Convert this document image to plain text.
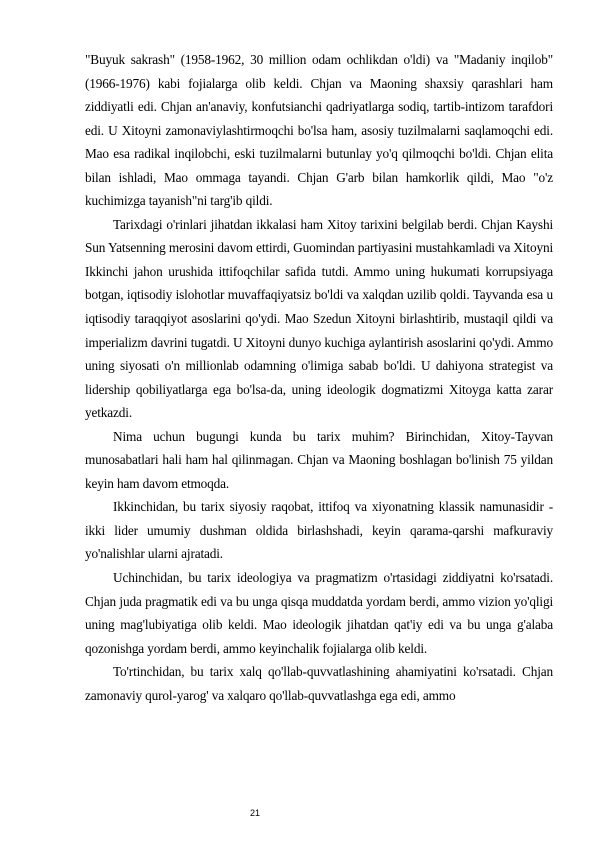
"Buyuk sakrash" (1958-1962, 30 million odam ochlikdan o'ldi) va "Madaniy inqilob" (1966-1976) kabi fojialarga olib keldi. Chjan va Maoning shaxsiy qarashlari ham ziddiyatli edi. Chjan an'anaviy, konfutsianchi qadriyatlarga sodiq, tartib-intizom tarafdori edi. U Xitoyni zamonaviylashtirmoqchi bo'lsa ham, asosiy tuzilmalarni saqlamoqchi edi. Mao esa radikal inqilobchi, eski tuzilmalarni butunlay yo'q qilmoqchi bo'ldi. Chjan elita bilan ishladi, Mao ommaga tayandi. Chjan G'arb bilan hamkorlik qildi, Mao "o'z kuchimizga tayanish"ni targ'ib qildi.

Tarixdagi o'rinlari jihatdan ikkalasi ham Xitoy tarixini belgilab berdi. Chjan Kayshi Sun Yatsenning merosini davom ettirdi, Guomindan partiyasini mustahkamladi va Xitoyni Ikkinchi jahon urushida ittifoqchilar safida tutdi. Ammo uning hukumati korrupsiyaga botgan, iqtisodiy islohotlar muvaffaqiyatsiz bo'ldi va xalqdan uzilib qoldi. Tayvanda esa u iqtisodiy taraqqiyot asoslarini qo'ydi. Mao Szedun Xitoyni birlashtirib, mustaqil qildi va imperializm davrini tugatdi. U Xitoyni dunyo kuchiga aylantirish asoslarini qo'ydi. Ammo uning siyosati o'n millionlab odamning o'limiga sabab bo'ldi. U dahiyona strategist va lidership qobiliyatlarga ega bo'lsa-da, uning ideologik dogmatizmi Xitoyga katta zarar yetkazdi.

Nima uchun bugungi kunda bu tarix muhim? Birinchidan, Xitoy-Tayvan munosabatlari hali ham hal qilinmagan. Chjan va Maoning boshlagan bo'linish 75 yildan keyin ham davom etmoqda.

Ikkinchidan, bu tarix siyosiy raqobat, ittifoq va xiyonatning klassik namunasidir - ikki lider umumiy dushman oldida birlashshadi, keyin qarama-qarshi mafkuraviy yo'nalishlar ularni ajratadi.

Uchinchidan, bu tarix ideologiya va pragmatizm o'rtasidagi ziddiyatni ko'rsatadi. Chjan juda pragmatik edi va bu unga qisqa muddatda yordam berdi, ammo vizion yo'qligi uning mag'lubiyatiga olib keldi. Mao ideologik jihatdan qat'iy edi va bu unga g'alaba qozonishga yordam berdi, ammo keyinchalik fojialarga olib keldi.

To'rtinchidan, bu tarix xalq qo'llab-quvvatlashining ahamiyatini ko'rsatadi. Chjan zamonaviy qurol-yarog' va xalqaro qo'llab-quvvatlashga ega edi, ammo

21
